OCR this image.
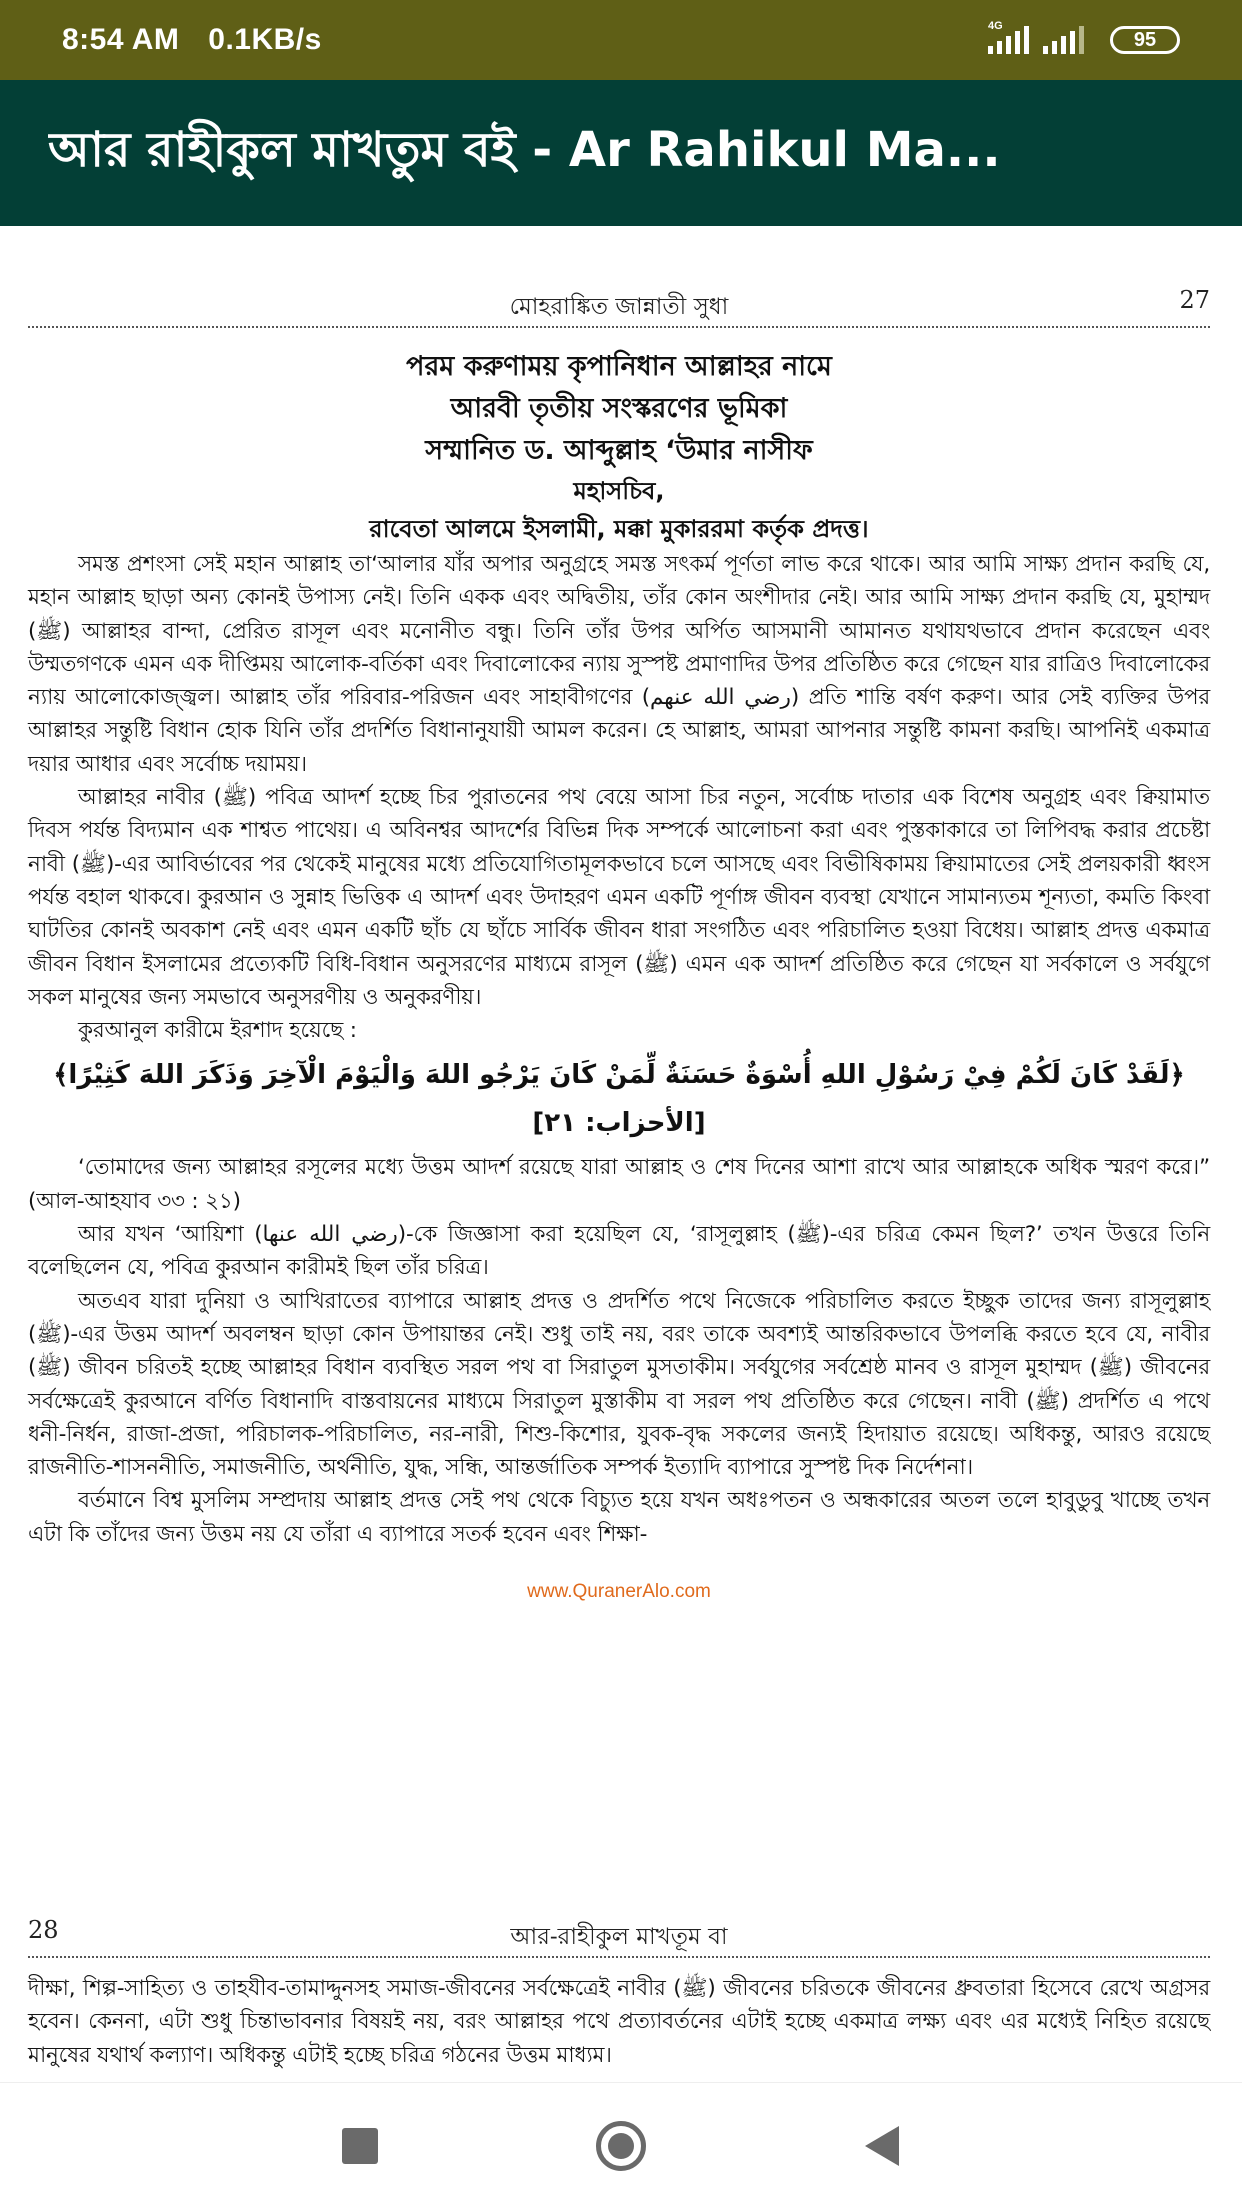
8:54 AM 0.1KB/s	4G
95
আর রাহীকুল মাখতুম বই - Ar Rahikul Ma...
মোহরাঙ্কিত জান্নাতী সুধা	27
পরম করুণাময় কৃপানিধান আল্লাহর নামে
আরবী তৃতীয় সংস্করণের ভূমিকা
সম্মানিত ড. আব্দুল্লাহ ‘উমার নাসীফ
মহাসচিব,
রাবেতা আলমে ইসলামী, মক্কা মুকাররমা কর্তৃক প্রদত্ত।

সমস্ত প্রশংসা সেই মহান আল্লাহ তা‘আলার যাঁর অপার অনুগ্রহে সমস্ত সৎকর্ম পূর্ণতা লাভ করে থাকে। আর আমি সাক্ষ্য প্রদান করছি যে, মহান আল্লাহ ছাড়া অন্য কোনই উপাস্য নেই। তিনি একক এবং অদ্বিতীয়, তাঁর কোন অংশীদার নেই। আর আমি সাক্ষ্য প্রদান করছি যে, মুহাম্মদ (ﷺ) আল্লাহর বান্দা, প্রেরিত রাসূল এবং মনোনীত বন্ধু। তিনি তাঁর উপর অর্পিত আসমানী আমানত যথাযথভাবে প্রদান করেছেন এবং উম্মতগণকে এমন এক দীপ্তিময় আলোক-বর্তিকা এবং দিবালোকের ন্যায় সুস্পষ্ট প্রমাণাদির উপর প্রতিষ্ঠিত করে গেছেন যার রাত্রিও দিবালোকের ন্যায় আলোকোজ্জ্বল। আল্লাহ তাঁর পরিবার-পরিজন এবং সাহাবীগণের (رضي الله عنهم) প্রতি শান্তি বর্ষণ করুণ। আর সেই ব্যক্তির উপর আল্লাহর সন্তুষ্টি বিধান হোক যিনি তাঁর প্রদর্শিত বিধানানুযায়ী আমল করেন। হে আল্লাহ, আমরা আপনার সন্তুষ্টি কামনা করছি। আপনিই একমাত্র দয়ার আধার এবং সর্বোচ্চ দয়াময়।

আল্লাহর নাবীর (ﷺ) পবিত্র আদর্শ হচ্ছে চির পুরাতনের পথ বেয়ে আসা চির নতুন, সর্বোচ্চ দাতার এক বিশেষ অনুগ্রহ এবং ক্বিয়ামাত দিবস পর্যন্ত বিদ্যমান এক শাশ্বত পাথেয়। এ অবিনশ্বর আদর্শের বিভিন্ন দিক সম্পর্কে আলোচনা করা এবং পুস্তকাকারে তা লিপিবদ্ধ করার প্রচেষ্টা নাবী (ﷺ)-এর আবির্ভাবের পর থেকেই মানুষের মধ্যে প্রতিযোগিতামূলকভাবে চলে আসছে এবং বিভীষিকাময় ক্বিয়ামাতের সেই প্রলয়কারী ধ্বংস পর্যন্ত বহাল থাকবে। কুরআন ও সুন্নাহ ভিত্তিক এ আদর্শ এবং উদাহরণ এমন একটি পূর্ণাঙ্গ জীবন ব্যবস্থা যেখানে সামান্যতম শূন্যতা, কমতি কিংবা ঘাটতির কোনই অবকাশ নেই এবং এমন একটি ছাঁচ যে ছাঁচে সার্বিক জীবন ধারা সংগঠিত এবং পরিচালিত হওয়া বিধেয়। আল্লাহ প্রদত্ত একমাত্র জীবন বিধান ইসলামের প্রত্যেকটি বিধি-বিধান অনুসরণের মাধ্যমে রাসূল (ﷺ) এমন এক আদর্শ প্রতিষ্ঠিত করে গেছেন যা সর্বকালে ও সর্বযুগে সকল মানুষের জন্য সমভাবে অনুসরণীয় ও অনুকরণীয়।

কুরআনুল কারীমে ইরশাদ হয়েছে :

﴿لَقَدْ كَانَ لَكُمْ فِيْ رَسُوْلِ اللهِ أُسْوَةٌ حَسَنَةٌ لِّمَنْ كَانَ يَرْجُو اللهَ وَالْيَوْمَ الْآخِرَ وَذَكَرَ اللهَ كَثِيْرًا﴾ [الأحزاب: ٢١]

‘তোমাদের জন্য আল্লাহর রসূলের মধ্যে উত্তম আদর্শ রয়েছে যারা আল্লাহ ও শেষ দিনের আশা রাখে আর আল্লাহকে অধিক স্মরণ করে।” (আল-আহযাব ৩৩ : ২১)

আর যখন ‘আয়িশা (رضي الله عنها)-কে জিজ্ঞাসা করা হয়েছিল যে, ‘রাসূলুল্লাহ (ﷺ)-এর চরিত্র কেমন ছিল?’ তখন উত্তরে তিনি বলেছিলেন যে, পবিত্র কুরআন কারীমই ছিল তাঁর চরিত্র।

অতএব যারা দুনিয়া ও আখিরাতের ব্যাপারে আল্লাহ প্রদত্ত ও প্রদর্শিত পথে নিজেকে পরিচালিত করতে ইচ্ছুক তাদের জন্য রাসূলুল্লাহ (ﷺ)-এর উত্তম আদর্শ অবলম্বন ছাড়া কোন উপায়ান্তর নেই। শুধু তাই নয়, বরং তাকে অবশ্যই আন্তরিকভাবে উপলব্ধি করতে হবে যে, নাবীর (ﷺ) জীবন চরিতই হচ্ছে আল্লাহর বিধান ব্যবস্থিত সরল পথ বা সিরাতুল মুসতাকীম। সর্বযুগের সর্বশ্রেষ্ঠ মানব ও রাসূল মুহাম্মদ (ﷺ) জীবনের সর্বক্ষেত্রেই কুরআনে বর্ণিত বিধানাদি বাস্তবায়নের মাধ্যমে সিরাতুল মুস্তাকীম বা সরল পথ প্রতিষ্ঠিত করে গেছেন। নাবী (ﷺ) প্রদর্শিত এ পথে ধনী-নির্ধন, রাজা-প্রজা, পরিচালক-পরিচালিত, নর-নারী, শিশু-কিশোর, যুবক-বৃদ্ধ সকলের জন্যই হিদায়াত রয়েছে। অধিকন্তু, আরও রয়েছে রাজনীতি-শাসননীতি, সমাজনীতি, অর্থনীতি, যুদ্ধ, সন্ধি, আন্তর্জাতিক সম্পর্ক ইত্যাদি ব্যাপারে সুস্পষ্ট দিক নির্দেশনা।

বর্তমানে বিশ্ব মুসলিম সম্প্রদায় আল্লাহ প্রদত্ত সেই পথ থেকে বিচ্যুত হয়ে যখন অধঃপতন ও অন্ধকারের অতল তলে হাবুডুবু খাচ্ছে তখন এটা কি তাঁদের জন্য উত্তম নয় যে তাঁরা এ ব্যাপারে সতর্ক হবেন এবং শিক্ষা-

www.QuranerAlo.com
আর-রাহীকুল মাখতূম বা
28

দীক্ষা, শিল্প-সাহিত্য ও তাহযীব-তামাদ্দুনসহ সমাজ-জীবনের সর্বক্ষেত্রেই নাবীর (ﷺ) জীবনের চরিতকে জীবনের ধ্রুবতারা হিসেবে রেখে অগ্রসর হবেন। কেননা, এটা শুধু চিন্তাভাবনার বিষয়ই নয়, বরং আল্লাহর পথে প্রত্যাবর্তনের এটাই হচ্ছে একমাত্র লক্ষ্য এবং এর মধ্যেই নিহিত রয়েছে মানুষের যথার্থ কল্যাণ। অধিকন্তু এটাই হচ্ছে চরিত্র গঠনের উত্তম মাধ্যম।
